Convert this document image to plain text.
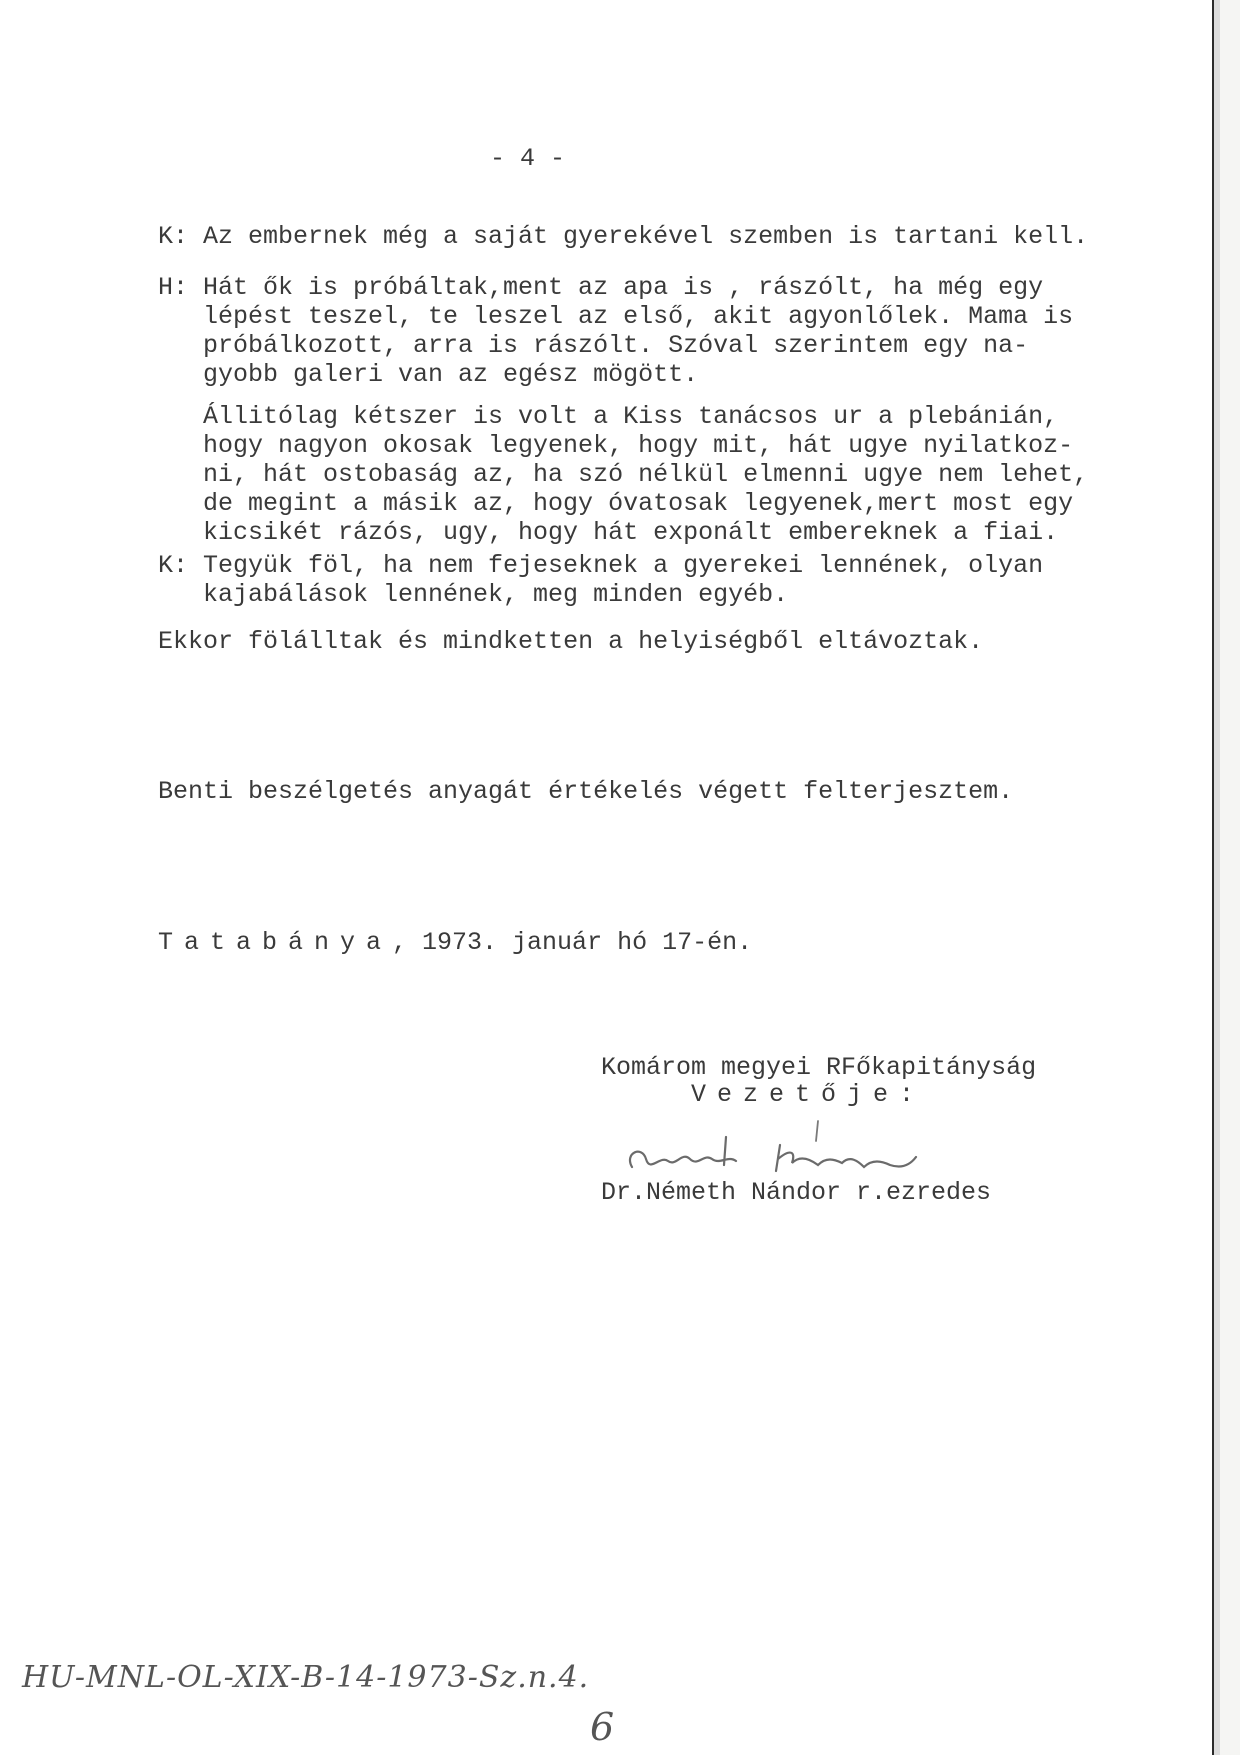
- 4 -
K: Az embernek még a saját gyerekével szemben is tartani kell.
H: Hát ők is próbáltak,ment az apa is , rászólt, ha még egy
lépést teszel, te leszel az első, akit agyonlőlek. Mama is
próbálkozott, arra is rászólt. Szóval szerintem egy na-
gyobb galeri van az egész mögött.
Állitólag kétszer is volt a Kiss tanácsos ur a plebánián,
hogy nagyon okosak legyenek, hogy mit, hát ugye nyilatkoz-
ni, hát ostobaság az, ha szó nélkül elmenni ugye nem lehet,
de megint a másik az, hogy óvatosak legyenek,mert most egy
kicsikét rázós, ugy, hogy hát exponált embereknek a fiai.
K: Tegyük föl, ha nem fejeseknek a gyerekei lennének, olyan
kajabálások lennének, meg minden egyéb.
Ekkor fölálltak és mindketten a helyiségből eltávoztak.
Benti beszélgetés anyagát értékelés végett felterjesztem.
Tatabánya, 1973. január hó 17-én.
Komárom megyei RFőkapitányság
Vezetője:
Dr.Németh Nándor r.ezredes
HU-MNL-OL-XIX-B-14-1973-Sz.n.4.
6
